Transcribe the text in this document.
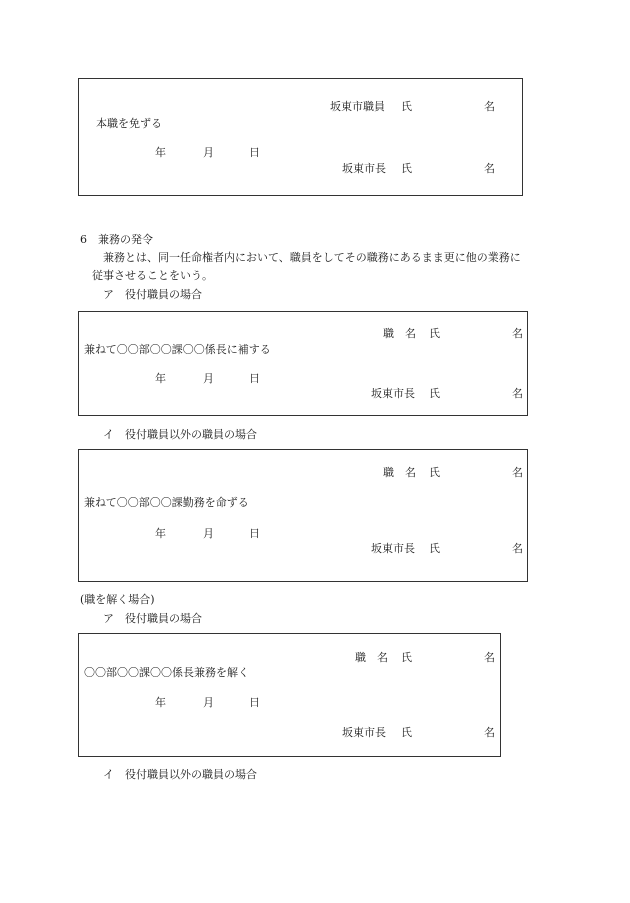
坂東市職員 氏	名
本職を免ずる
年	月	日
坂東市長 氏	名
6　兼務の発令
兼務とは、同一任命権者内において、職員をしてその職務にあるまま更に他の業務に
従事させることをいう。
ア　役付職員の場合
職　名 氏	名
兼ねて〇〇部〇〇課〇〇係長に補する
年	月	日
坂東市長 氏	名
イ　役付職員以外の職員の場合
職　名 氏	名
兼ねて〇〇部〇〇課勤務を命ずる
年	月	日
坂東市長 氏	名
(職を解く場合)
ア　役付職員の場合
職　名 氏	名
〇〇部〇〇課〇〇係長兼務を解く
年	月	日
坂東市長 氏	名
イ　役付職員以外の職員の場合
